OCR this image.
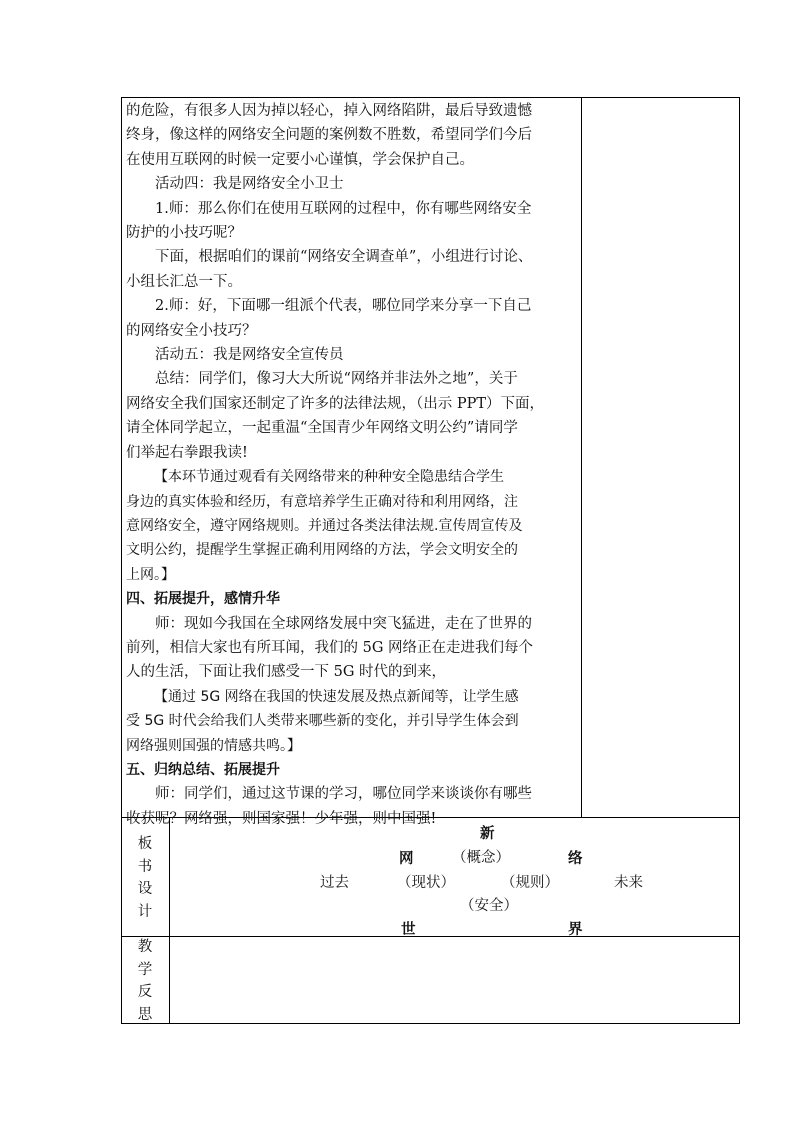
的危险，有很多人因为掉以轻心，掉入网络陷阱，最后导致遗憾

终身，像这样的网络安全问题的案例数不胜数，希望同学们今后

在使用互联网的时候一定要小心谨慎，学会保护自己。

活动四：我是网络安全小卫士

1.师：那么你们在使用互联网的过程中，你有哪些网络安全

防护的小技巧呢？

下面，根据咱们的课前“网络安全调查单”，小组进行讨论、

小组长汇总一下。

2.师：好，下面哪一组派个代表，哪位同学来分享一下自己

的网络安全小技巧？

活动五：我是网络安全宣传员

总结：同学们，像习大大所说“网络并非法外之地”，关于

网络安全我们国家还制定了许多的法律法规，（出示 PPT）下面，

请全体同学起立，一起重温“全国青少年网络文明公约”请同学

们举起右拳跟我读!

【本环节通过观看有关网络带来的种种安全隐患结合学生

身边的真实体验和经历，有意培养学生正确对待和利用网络，注

意网络安全，遵守网络规则。并通过各类法律法规.宣传周宣传及

文明公约，提醒学生掌握正确利用网络的方法，学会文明安全的

上网。】

四、拓展提升，感情升华

师：现如今我国在全球网络发展中突飞猛进，走在了世界的

前列，相信大家也有所耳闻，我们的 5G 网络正在走进我们每个

人的生活，下面让我们感受一下 5G 时代的到来，

【通过 5G 网络在我国的快速发展及热点新闻等，让学生感

受 5G 时代会给我们人类带来哪些新的变化，并引导学生体会到

网络强则国强的情感共鸣。】

五、归纳总结、拓展提升

师：同学们，通过这节课的学习，哪位同学来谈谈你有哪些

收获呢？网络强，则国家强！少年强，则中国强!

板
书
设
计
新
网	（概念）	络
过去	（现状）	（规则）	未来
（安全）
世	界
教
学
反
思
